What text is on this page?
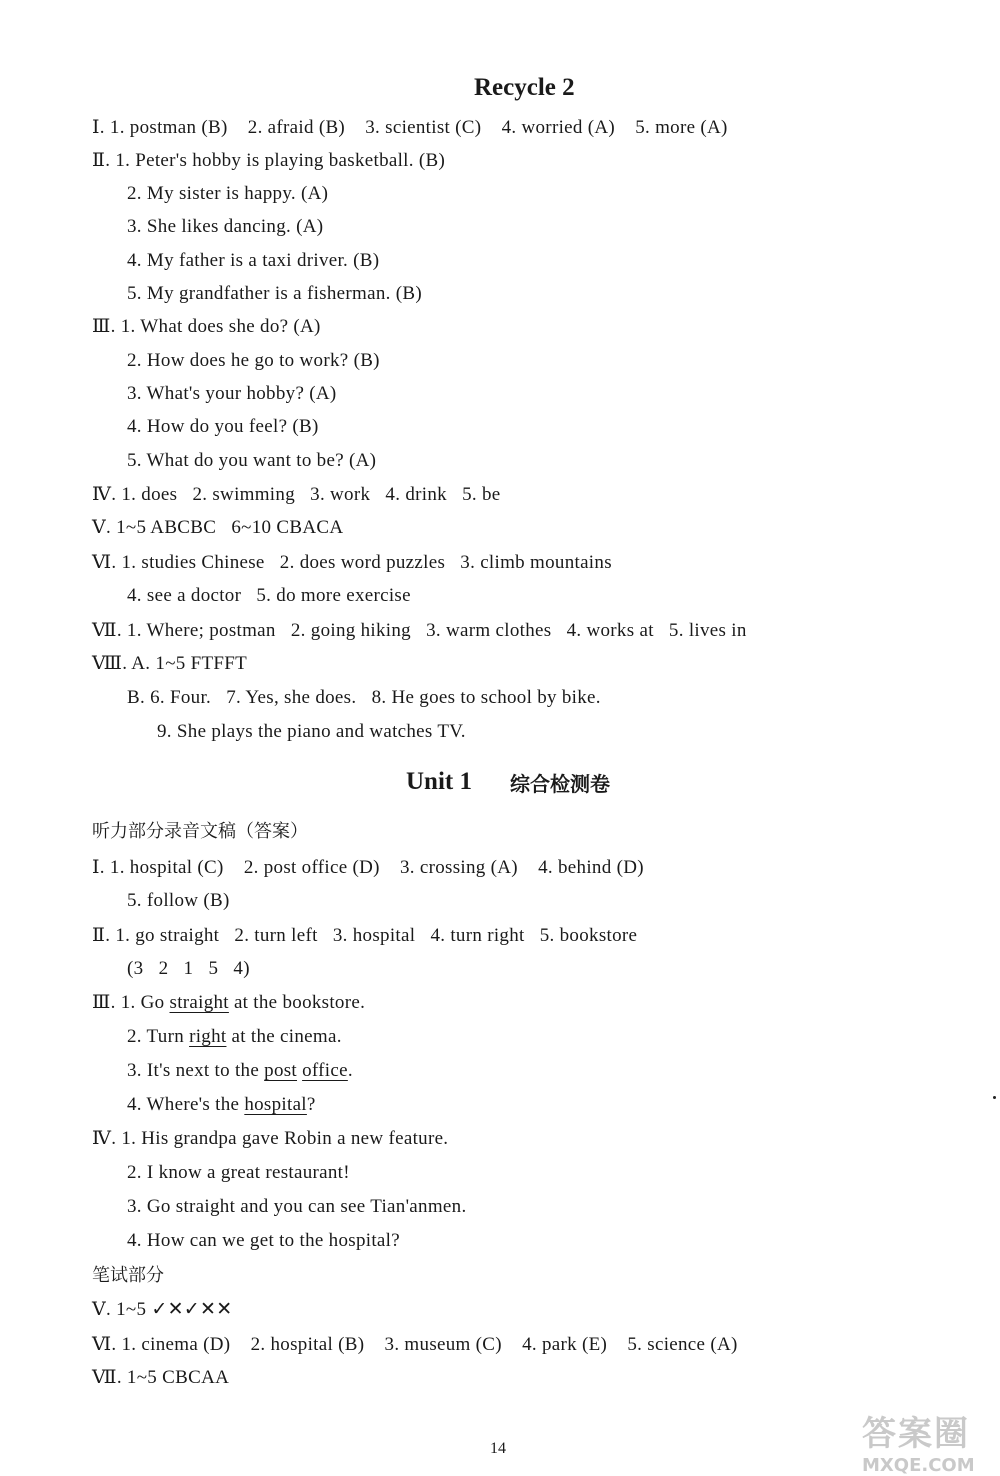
Recycle 2
Ⅰ. 1. postman (B)    2. afraid (B)    3. scientist (C)    4. worried (A)    5. more (A)
Ⅱ. 1. Peter's hobby is playing basketball. (B)
2. My sister is happy. (A)
3. She likes dancing. (A)
4. My father is a taxi driver. (B)
5. My grandfather is a fisherman. (B)
Ⅲ. 1. What does she do? (A)
2. How does he go to work? (B)
3. What's your hobby? (A)
4. How do you feel? (B)
5. What do you want to be? (A)
Ⅳ. 1. does   2. swimming   3. work   4. drink   5. be
Ⅴ. 1~5 ABCBC   6~10 CBACA
Ⅵ. 1. studies Chinese   2. does word puzzles   3. climb mountains
4. see a doctor   5. do more exercise
Ⅶ. 1. Where; postman   2. going hiking   3. warm clothes   4. works at   5. lives in
Ⅷ. A. 1~5 FTFFT
B. 6. Four.   7. Yes, she does.   8. He goes to school by bike.
9. She plays the piano and watches TV.
Unit 1 综合检测卷
听力部分录音文稿（答案）
Ⅰ. 1. hospital (C)    2. post office (D)    3. crossing (A)    4. behind (D)
5. follow (B)
Ⅱ. 1. go straight   2. turn left   3. hospital   4. turn right   5. bookstore
(3   2   1   5   4)
Ⅲ. 1. Go straight at the bookstore.
2. Turn right at the cinema.
3. It's next to the post office.
4. Where's the hospital?
Ⅳ. 1. His grandpa gave Robin a new feature.
2. I know a great restaurant!
3. Go straight and you can see Tian'anmen.
4. How can we get to the hospital?
笔试部分
Ⅴ. 1~5 ✓✕✓✕✕
Ⅵ. 1. cinema (D)    2. hospital (B)    3. museum (C)    4. park (E)    5. science (A)
Ⅶ. 1~5 CBCAA
14	答案圈
MXQE.COM
